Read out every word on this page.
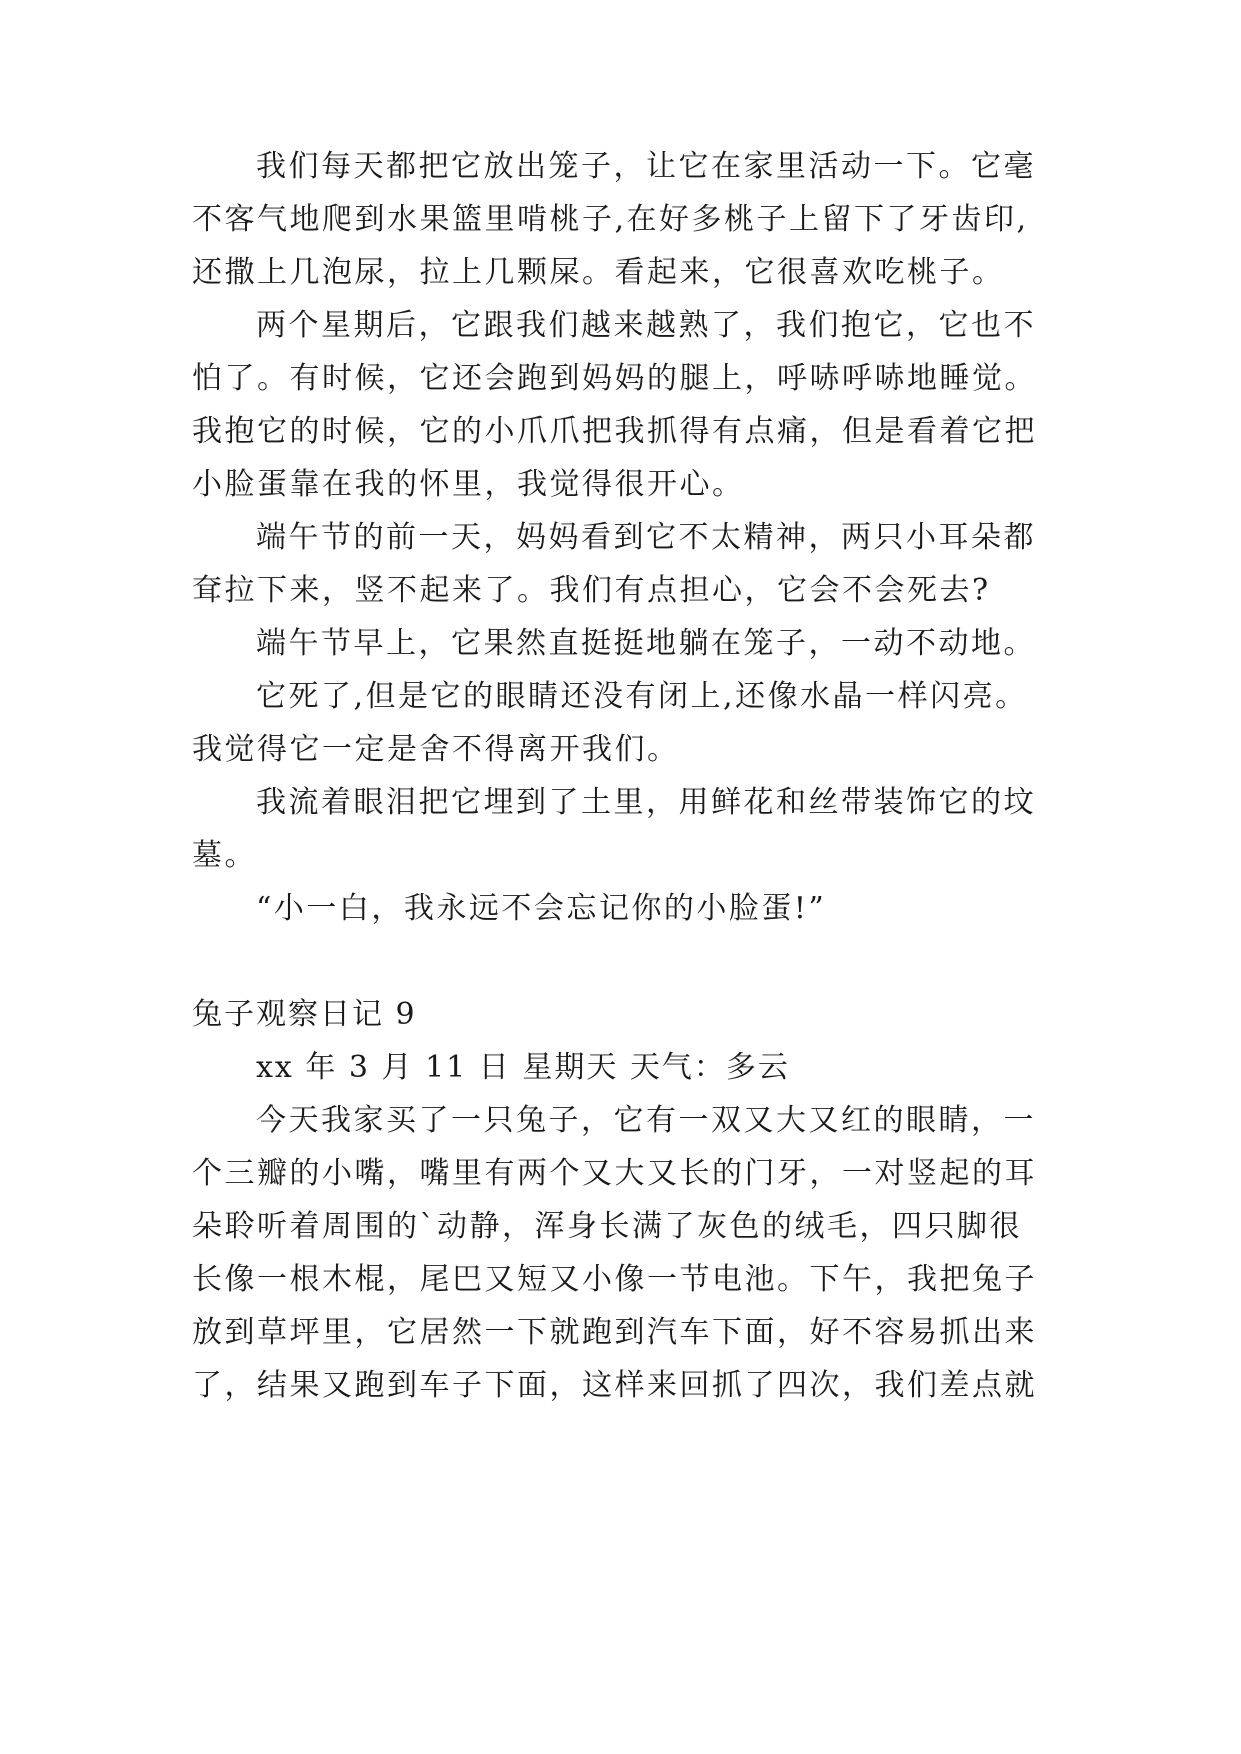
我们每天都把它放出笼子，让它在家里活动一下。它毫
不客气地爬到水果篮里啃桃子,在好多桃子上留下了牙齿印,
还撒上几泡尿，拉上几颗屎。看起来，它很喜欢吃桃子。
两个星期后，它跟我们越来越熟了，我们抱它，它也不
怕了。有时候，它还会跑到妈妈的腿上，呼哧呼哧地睡觉。
我抱它的时候，它的小爪爪把我抓得有点痛，但是看着它把
小脸蛋靠在我的怀里，我觉得很开心。
端午节的前一天，妈妈看到它不太精神，两只小耳朵都
耷拉下来，竖不起来了。我们有点担心，它会不会死去?
端午节早上，它果然直挺挺地躺在笼子，一动不动地。
它死了,但是它的眼睛还没有闭上,还像水晶一样闪亮。
我觉得它一定是舍不得离开我们。
我流着眼泪把它埋到了土里，用鲜花和丝带装饰它的坟
墓。
“小一白，我永远不会忘记你的小脸蛋!”
兔子观察日记 9
xx 年 3 月 11 日 星期天 天气：多云
今天我家买了一只兔子，它有一双又大又红的眼睛，一
个三瓣的小嘴，嘴里有两个又大又长的门牙，一对竖起的耳
朵聆听着周围的`动静，浑身长满了灰色的绒毛，四只脚很
长像一根木棍，尾巴又短又小像一节电池。下午，我把兔子
放到草坪里，它居然一下就跑到汽车下面，好不容易抓出来
了，结果又跑到车子下面，这样来回抓了四次，我们差点就
